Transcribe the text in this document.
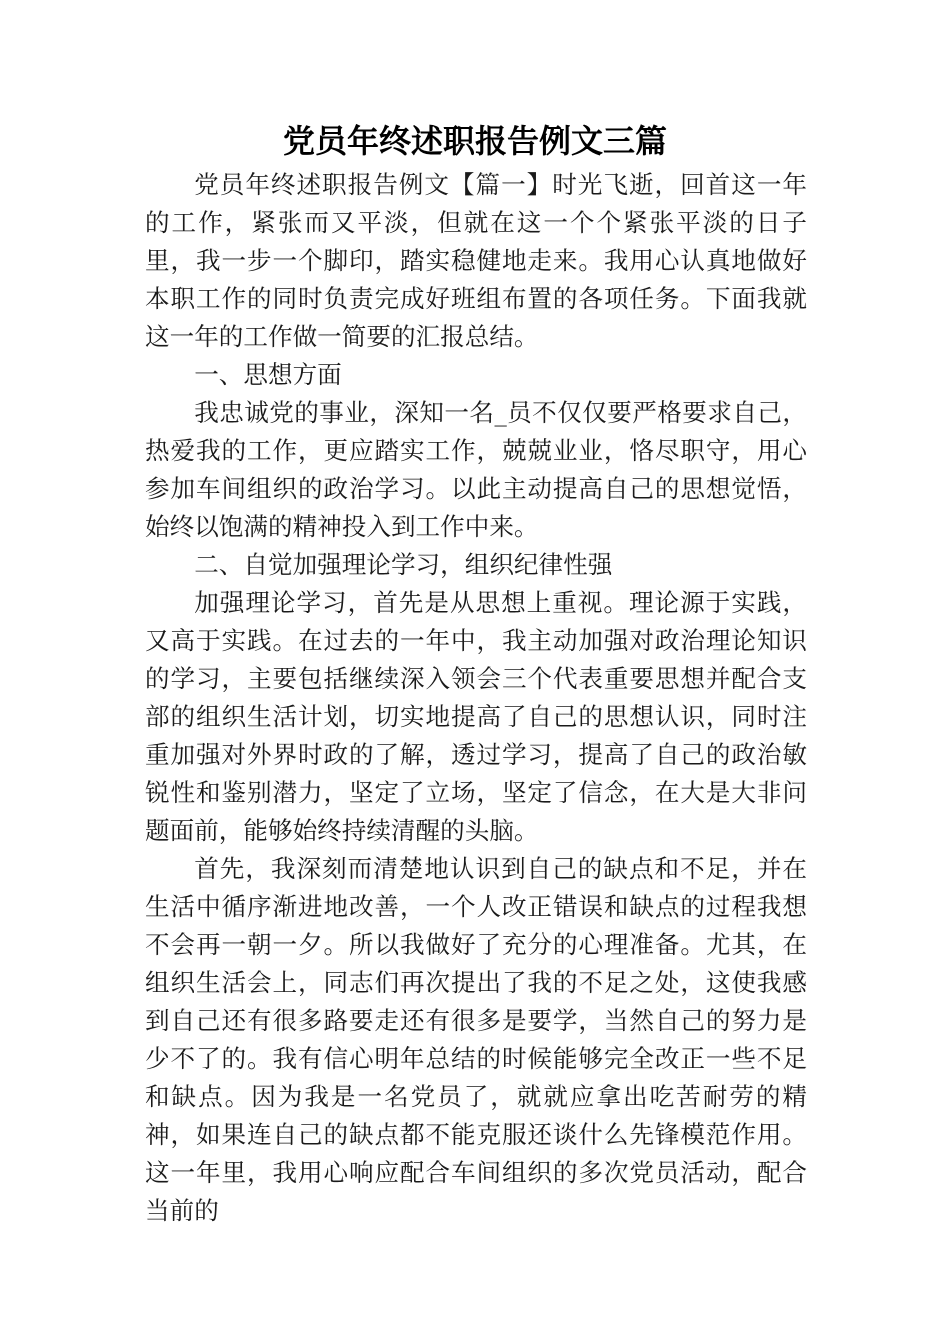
党员年终述职报告例文三篇

党员年终述职报告例文【篇一】时光飞逝，回首这一年的工作，紧张而又平淡，但就在这一个个紧张平淡的日子里，我一步一个脚印，踏实稳健地走来。我用心认真地做好本职工作的同时负责完成好班组布置的各项任务。下面我就这一年的工作做一简要的汇报总结。

一、思想方面

我忠诚党的事业，深知一名_员不仅仅要严格要求自己，热爱我的工作，更应踏实工作，兢兢业业，恪尽职守，用心参加车间组织的政治学习。以此主动提高自己的思想觉悟，始终以饱满的精神投入到工作中来。

二、自觉加强理论学习，组织纪律性强

加强理论学习，首先是从思想上重视。理论源于实践，又高于实践。在过去的一年中，我主动加强对政治理论知识的学习，主要包括继续深入领会三个代表重要思想并配合支部的组织生活计划，切实地提高了自己的思想认识，同时注重加强对外界时政的了解，透过学习，提高了自己的政治敏锐性和鉴别潜力，坚定了立场，坚定了信念，在大是大非问题面前，能够始终持续清醒的头脑。

首先，我深刻而清楚地认识到自己的缺点和不足，并在生活中循序渐进地改善，一个人改正错误和缺点的过程我想不会再一朝一夕。所以我做好了充分的心理准备。尤其，在组织生活会上，同志们再次提出了我的不足之处，这使我感到自己还有很多路要走还有很多是要学，当然自己的努力是少不了的。我有信心明年总结的时候能够完全改正一些不足和缺点。因为我是一名党员了，就就应拿出吃苦耐劳的精神，如果连自己的缺点都不能克服还谈什么先锋模范作用。这一年里，我用心响应配合车间组织的多次党员活动，配合当前的
